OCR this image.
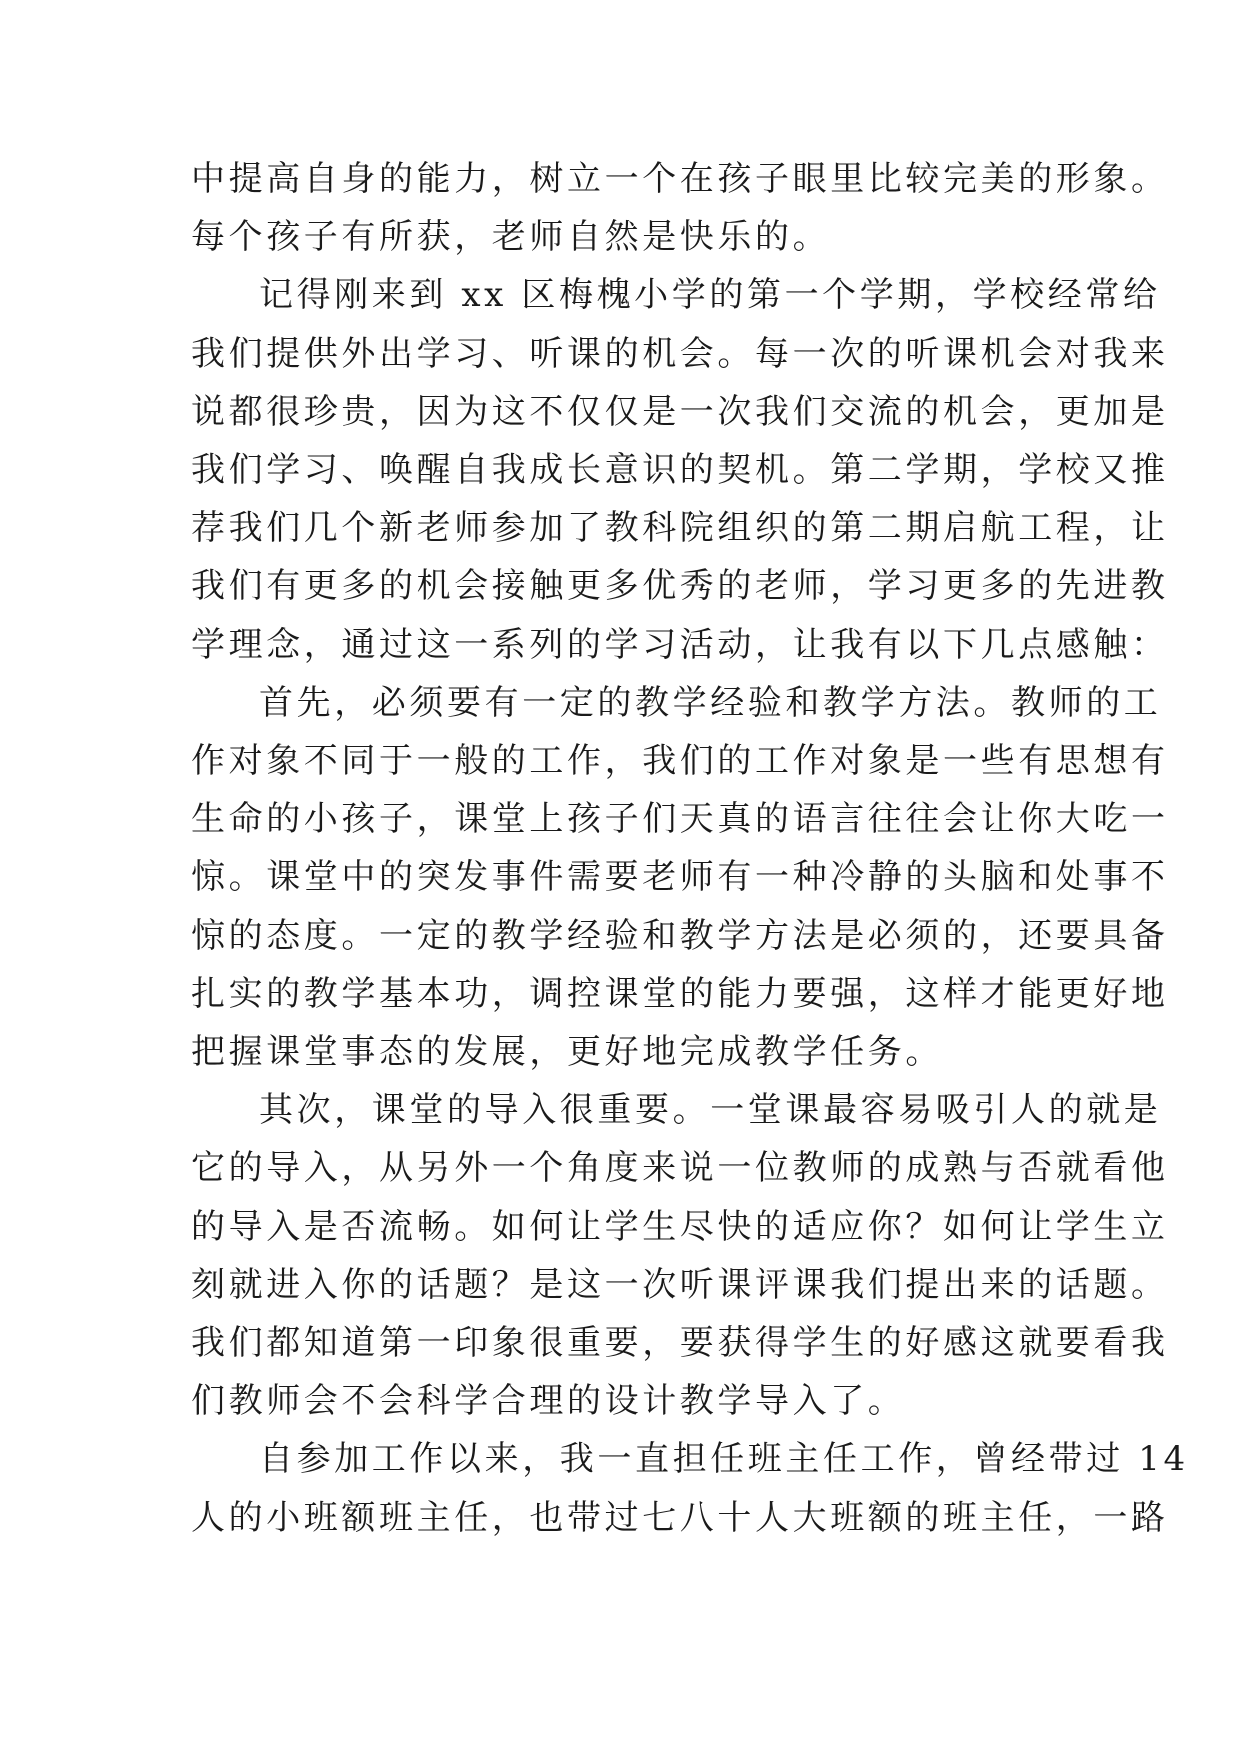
中提高自身的能力，树立一个在孩子眼里比较完美的形象。
每个孩子有所获，老师自然是快乐的。

记得刚来到 xx 区梅槐小学的第一个学期，学校经常给
我们提供外出学习、听课的机会。每一次的听课机会对我来
说都很珍贵，因为这不仅仅是一次我们交流的机会，更加是
我们学习、唤醒自我成长意识的契机。第二学期，学校又推
荐我们几个新老师参加了教科院组织的第二期启航工程，让
我们有更多的机会接触更多优秀的老师，学习更多的先进教
学理念，通过这一系列的学习活动，让我有以下几点感触：

首先，必须要有一定的教学经验和教学方法。教师的工
作对象不同于一般的工作，我们的工作对象是一些有思想有
生命的小孩子，课堂上孩子们天真的语言往往会让你大吃一
惊。课堂中的突发事件需要老师有一种冷静的头脑和处事不
惊的态度。一定的教学经验和教学方法是必须的，还要具备
扎实的教学基本功，调控课堂的能力要强，这样才能更好地
把握课堂事态的发展，更好地完成教学任务。

其次，课堂的导入很重要。一堂课最容易吸引人的就是
它的导入，从另外一个角度来说一位教师的成熟与否就看他
的导入是否流畅。如何让学生尽快的适应你？如何让学生立
刻就进入你的话题？是这一次听课评课我们提出来的话题。
我们都知道第一印象很重要，要获得学生的好感这就要看我
们教师会不会科学合理的设计教学导入了。

自参加工作以来，我一直担任班主任工作，曾经带过 14
人的小班额班主任，也带过七八十人大班额的班主任，一路
